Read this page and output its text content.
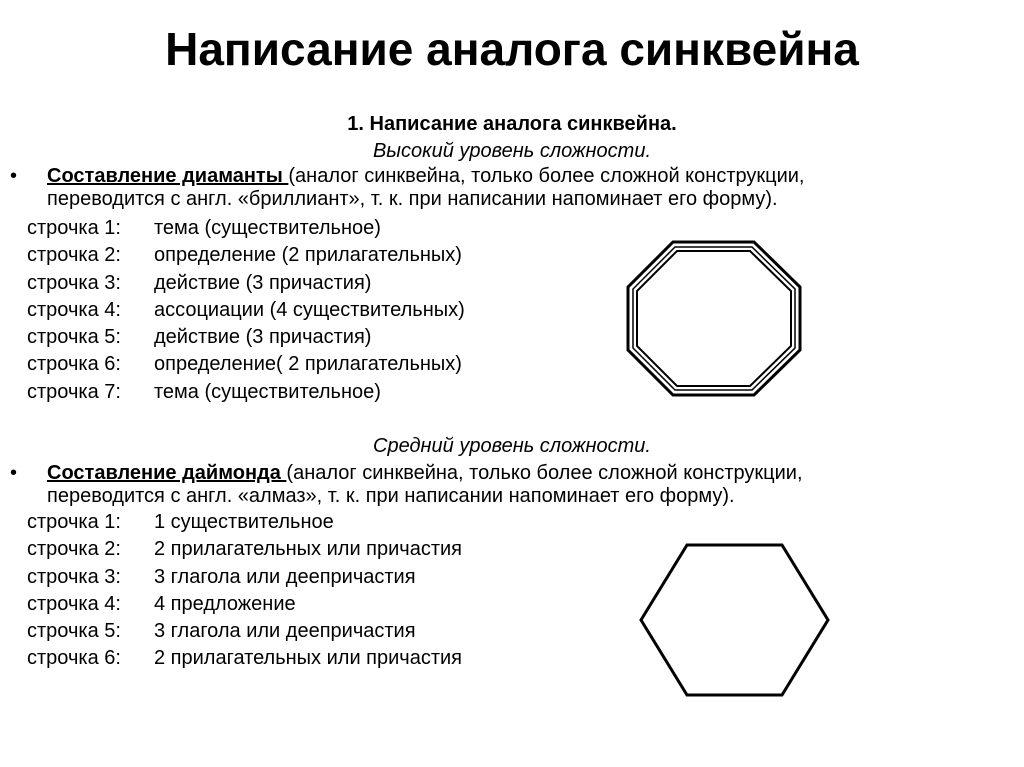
Написание аналога синквейна
1. Написание аналога синквейна.
Высокий уровень сложности.
• Составление диаманты (аналог синквейна, только более сложной конструкции,
переводится с англ. «бриллиант», т. к. при написании напоминает его форму).
строчка 1:	тема (существительное)
строчка 2:	определение (2 прилагательных)
строчка 3:	действие (3 причастия)
строчка 4:	ассоциации (4 существительных)
строчка 5:	действие (3 причастия)
строчка 6:	определение( 2 прилагательных)
строчка 7:	тема (существительное)
Средний уровень сложности.
• Составление даймонда (аналог синквейна, только более сложной конструкции,
переводится с англ. «алмаз», т. к. при написании напоминает его форму).
строчка 1:	1 существительное
строчка 2:	2 прилагательных или причастия
строчка 3:	3 глагола или деепричастия
строчка 4:	4 предложение
строчка 5:	3 глагола или деепричастия
строчка 6:	2 прилагательных или причастия
